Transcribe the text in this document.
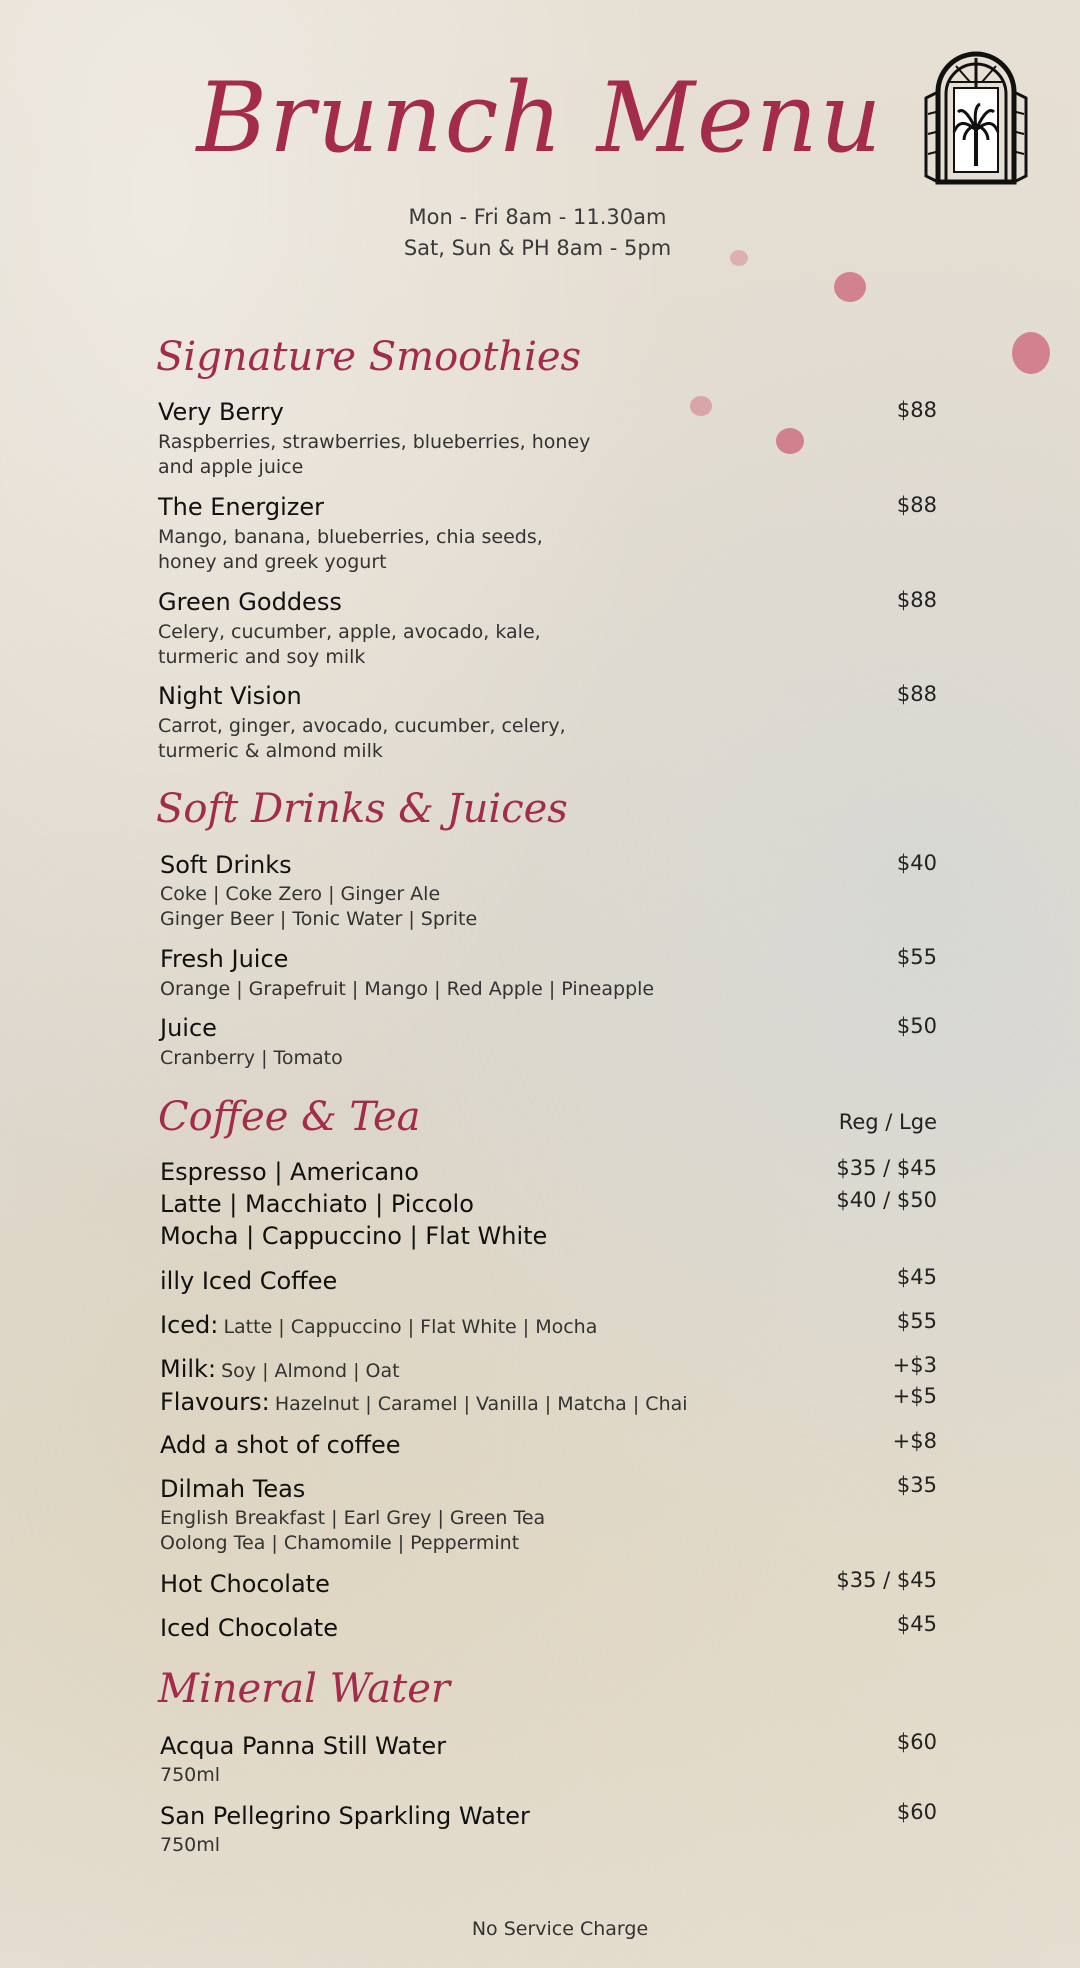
Brunch Menu
Mon - Fri 8am - 11.30am
Sat, Sun & PH 8am - 5pm
Signature Smoothies
Very Berry	$88
Raspberries, strawberries, blueberries, honey
and apple juice
The Energizer	$88
Mango, banana, blueberries, chia seeds,
honey and greek yogurt
Green Goddess	$88
Celery, cucumber, apple, avocado, kale,
turmeric and soy milk
Night Vision	$88
Carrot, ginger, avocado, cucumber, celery,
turmeric & almond milk
Soft Drinks & Juices
Soft Drinks	$40
Coke | Coke Zero | Ginger Ale
Ginger Beer | Tonic Water | Sprite
Fresh Juice	$55
Orange | Grapefruit | Mango | Red Apple | Pineapple
Juice	$50
Cranberry | Tomato
Coffee & Tea	Reg / Lge
Espresso | Americano	$35 / $45
Latte | Macchiato | Piccolo	$40 / $50
Mocha | Cappuccino | Flat White
illy Iced Coffee	$45
Iced: Latte | Cappuccino | Flat White | Mocha	$55
Milk: Soy | Almond | Oat	+$3
Flavours: Hazelnut | Caramel | Vanilla | Matcha | Chai	+$5
Add a shot of coffee	+$8
Dilmah Teas	$35
English Breakfast | Earl Grey | Green Tea
Oolong Tea | Chamomile | Peppermint
Hot Chocolate	$35 / $45
Iced Chocolate	$45
Mineral Water
Acqua Panna Still Water	$60
750ml
San Pellegrino Sparkling Water	$60
750ml
No Service Charge
